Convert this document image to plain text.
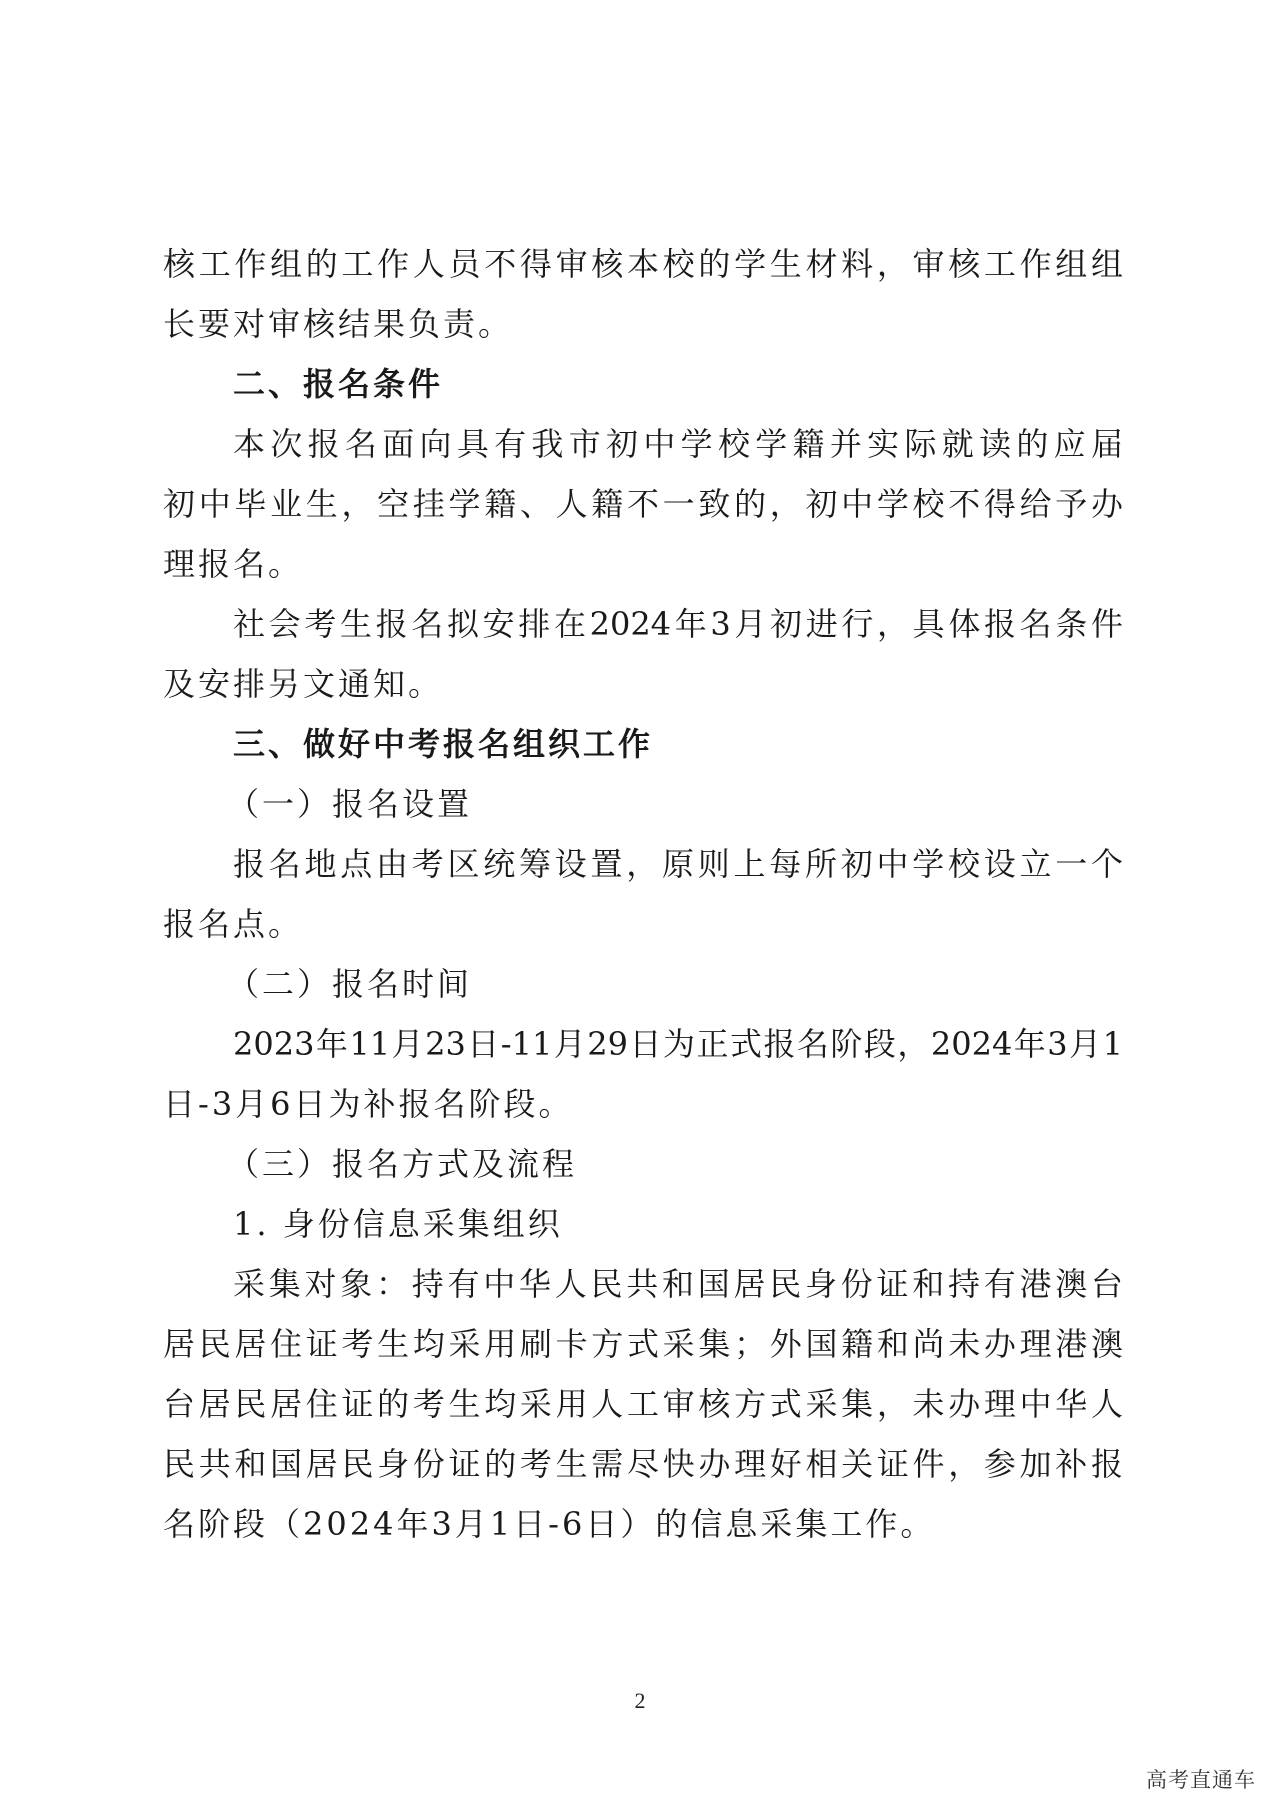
核工作组的工作人员不得审核本校的学生材料，审核工作组组
长要对审核结果负责。
二、报名条件
本次报名面向具有我市初中学校学籍并实际就读的应届
初中毕业生，空挂学籍、人籍不一致的，初中学校不得给予办
理报名。
社会考生报名拟安排在2024年3月初进行，具体报名条件
及安排另文通知。
三、做好中考报名组织工作
（一）报名设置
报名地点由考区统筹设置，原则上每所初中学校设立一个
报名点。
（二）报名时间
2023年11月23日-11月29日为正式报名阶段，2024年3月1
日-3月6日为补报名阶段。
（三）报名方式及流程
1. 身份信息采集组织
采集对象：持有中华人民共和国居民身份证和持有港澳台
居民居住证考生均采用刷卡方式采集；外国籍和尚未办理港澳
台居民居住证的考生均采用人工审核方式采集，未办理中华人
民共和国居民身份证的考生需尽快办理好相关证件，参加补报
名阶段（2024年3月1日-6日）的信息采集工作。
2
高考直通车
